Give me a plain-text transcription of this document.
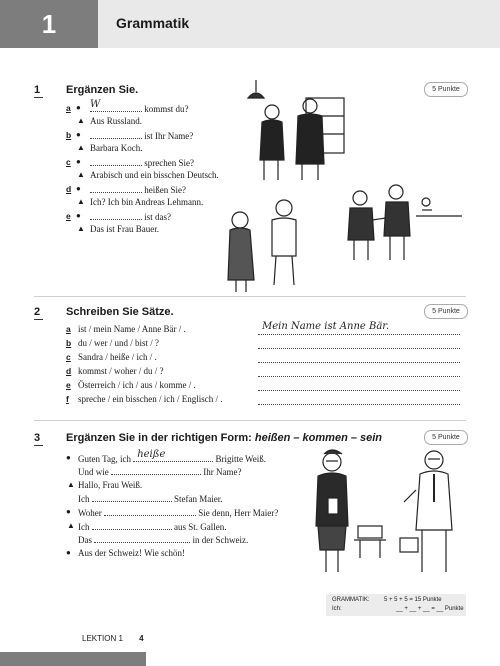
1	Grammatik
1 Ergänzen Sie.	5 Punkte
a ● W	kommst du?
▲ Aus Russland.
b ●	ist Ihr Name?
▲ Barbara Koch.
c ●	sprechen Sie?
▲ Arabisch und ein bisschen Deutsch.
d ●	heißen Sie?
▲ Ich? Ich bin Andreas Lehmann.
e ●	ist das?
▲ Das ist Frau Bauer.
2 Schreiben Sie Sätze.	5 Punkte
a ist / mein Name / Anne Bär / .	Mein Name ist Anne Bär.
b du / wer / und / bist / ?
c Sandra / heiße / ich / .
d kommst / woher / du / ?
e Österreich / ich / aus / komme / .
f spreche / ein bisschen / ich / Englisch / .
3 Ergänzen Sie in der richtigen Form: heißen – kommen – sein	5 Punkte
● Guten Tag, ich heiße	Brigitte Weiß.
Und wie	Ihr Name?
▲ Hallo, Frau Weiß.
Ich	Stefan Maier.
● Woher	Sie denn, Herr Maier?
▲ Ich	aus St. Gallen.
Das	in der Schweiz.
● Aus der Schweiz! Wie schön!
GRAMMATIK: 5 + 5 + 5 = 15 Punkte
Ich:	__ + __ + __ = __ Punkte
LEKTION 1 4
